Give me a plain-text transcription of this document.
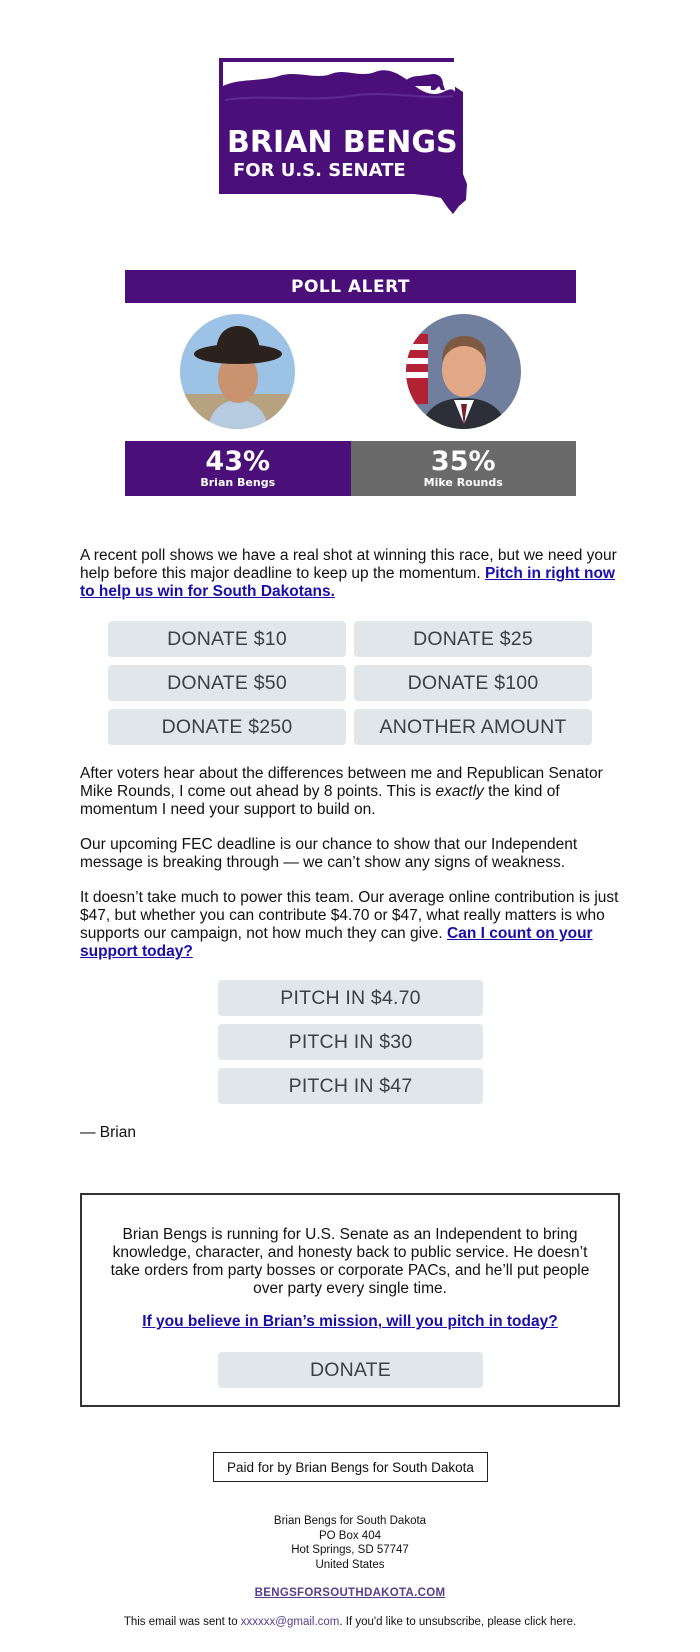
BRIAN BENGS
FOR U.S. SENATE
POLL ALERT
43%
Brian Bengs
35%
Mike Rounds

A recent poll shows we have a real shot at winning this race, but we need your help before this major deadline to keep up the momentum. Pitch in right now to help us win for South Dakotans.

DONATE $10	DONATE $25
DONATE $50	DONATE $100
DONATE $250	ANOTHER AMOUNT

After voters hear about the differences between me and Republican Senator Mike Rounds, I come out ahead by 8 points. This is exactly the kind of momentum I need your support to build on.

Our upcoming FEC deadline is our chance to show that our Independent message is breaking through — we can’t show any signs of weakness.

It doesn’t take much to power this team. Our average online contribution is just $47, but whether you can contribute $4.70 or $47, what really matters is who supports our campaign, not how much they can give. Can I count on your support today?

PITCH IN $4.70
PITCH IN $30
PITCH IN $47
— Brian

Brian Bengs is running for U.S. Senate as an Independent to bring knowledge, character, and honesty back to public service. He doesn’t take orders from party bosses or corporate PACs, and he’ll put people over party every single time.

If you believe in Brian’s mission, will you pitch in today?
DONATE
Paid for by Brian Bengs for South Dakota
Brian Bengs for South Dakota
PO Box 404
Hot Springs, SD 57747
United States
BENGSFORSOUTHDAKOTA.COM
This email was sent to xxxxxx@gmail.com. If you'd like to unsubscribe, please click here.
